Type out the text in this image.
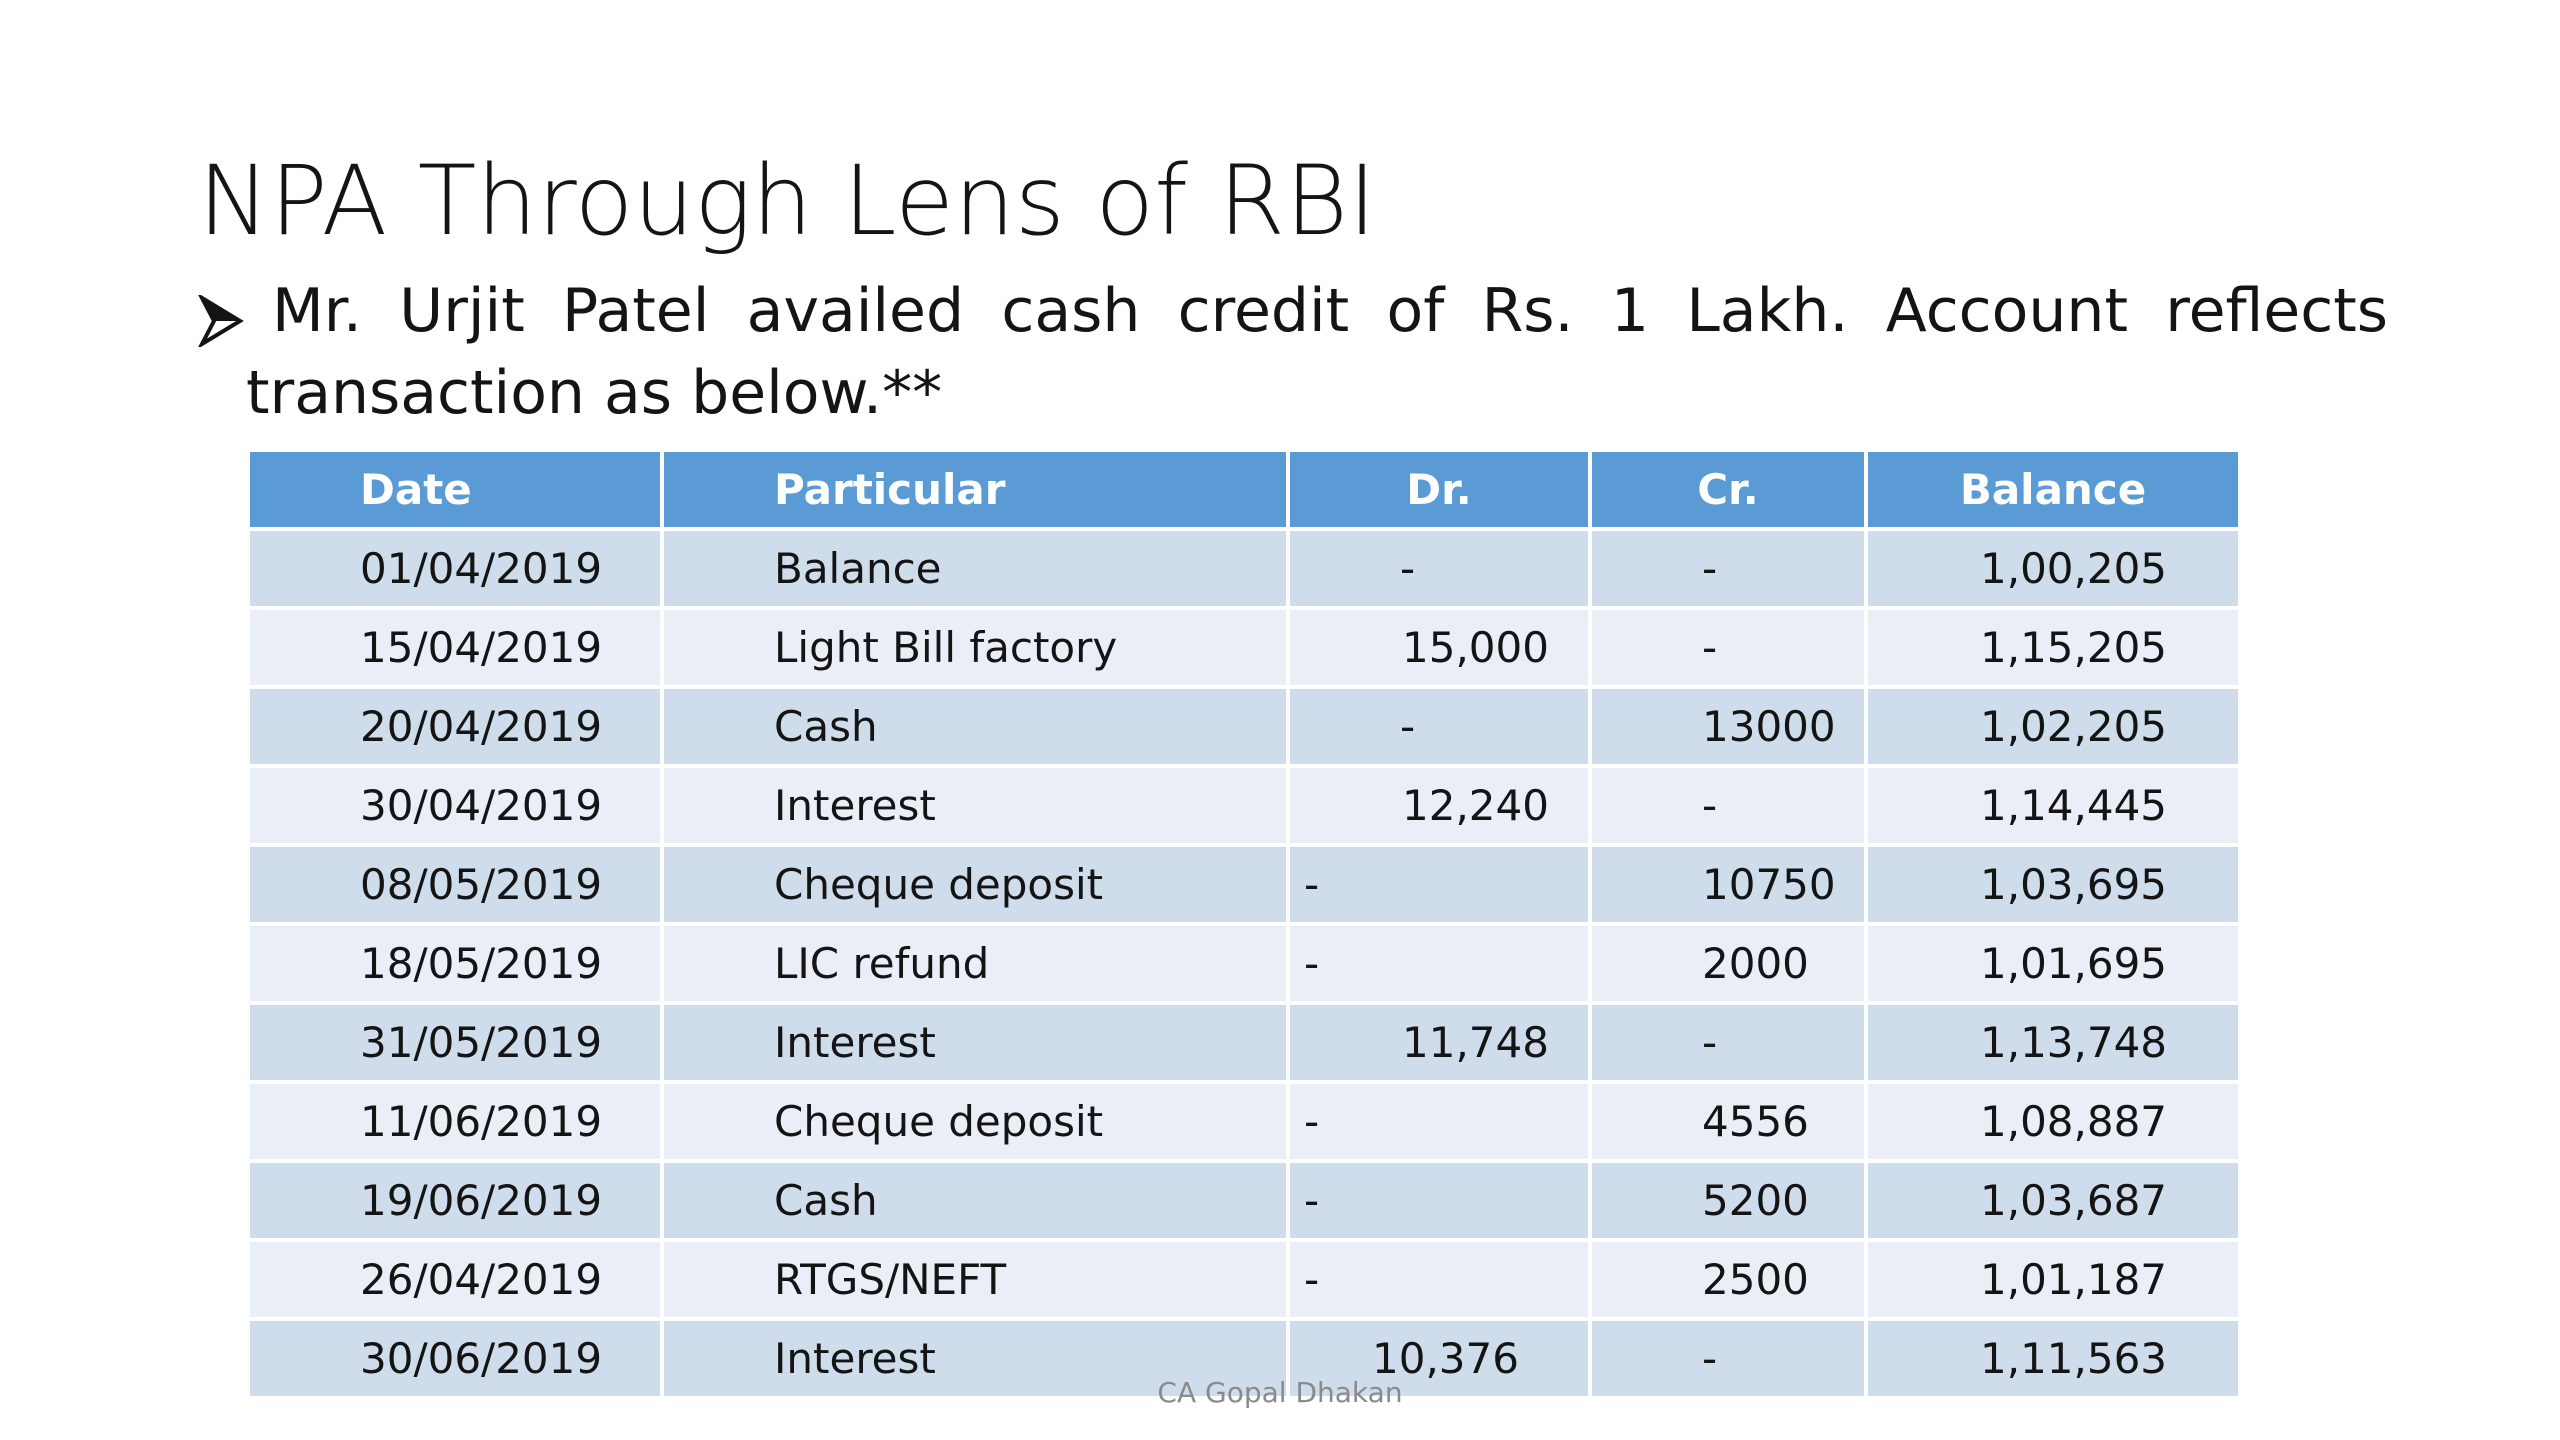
NPA Through Lens of RBI
Mr. Urjit Patel availed cash credit of Rs. 1 Lakh. Account reflects
transaction as below.**
Date	Particular	Dr.	Cr.	Balance
01/04/2019	Balance	-	-	1,00,205
15/04/2019	Light Bill factory	15,000	-	1,15,205
20/04/2019	Cash	-	13000	1,02,205
30/04/2019	Interest	12,240	-	1,14,445
08/05/2019	Cheque deposit	-	10750	1,03,695
18/05/2019	LIC refund	-	2000	1,01,695
31/05/2019	Interest	11,748	-	1,13,748
11/06/2019	Cheque deposit	-	4556	1,08,887
19/06/2019	Cash	-	5200	1,03,687
26/04/2019	RTGS/NEFT	-	2500	1,01,187
30/06/2019	Interest	10,376	-	1,11,563
CA Gopal Dhakan
